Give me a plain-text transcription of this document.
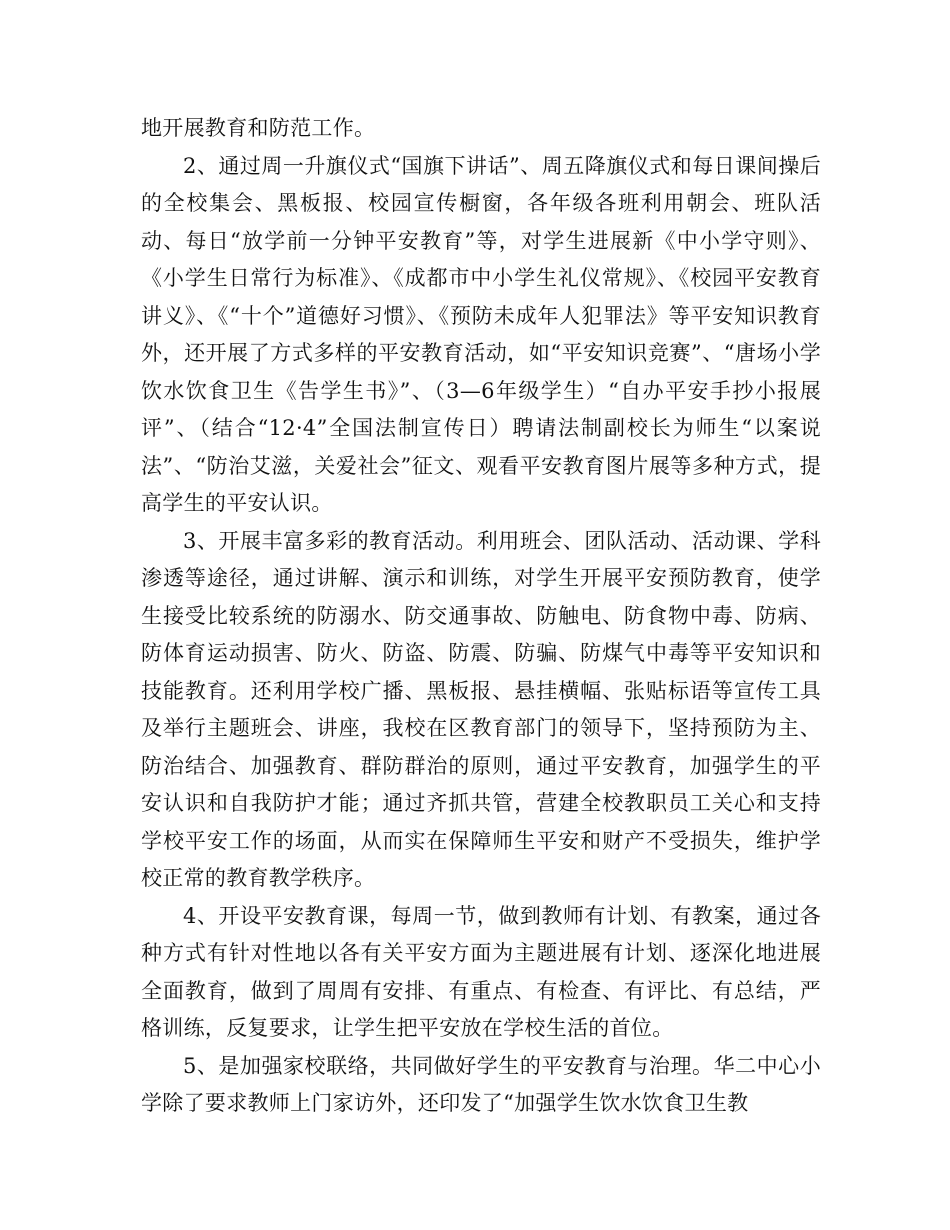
地开展教育和防范工作。

2、通过周一升旗仪式“国旗下讲话”、周五降旗仪式和每日课间操后的全校集会、黑板报、校园宣传橱窗，各年级各班利用朝会、班队活动、每日“放学前一分钟平安教育”等，对学生进展新《中小学守则》、《小学生日常行为标准》、《成都市中小学生礼仪常规》、《校园平安教育讲义》、《“十个”道德好习惯》、《预防未成年人犯罪法》等平安知识教育外，还开展了方式多样的平安教育活动，如“平安知识竞赛”、“唐场小学饮水饮食卫生《告学生书》”、（3—6年级学生）“自办平安手抄小报展评”、（结合“12·4”全国法制宣传日）聘请法制副校长为师生“以案说法”、“防治艾滋，关爱社会”征文、观看平安教育图片展等多种方式，提高学生的平安认识。

3、开展丰富多彩的教育活动。利用班会、团队活动、活动课、学科渗透等途径，通过讲解、演示和训练，对学生开展平安预防教育，使学生接受比较系统的防溺水、防交通事故、防触电、防食物中毒、防病、防体育运动损害、防火、防盗、防震、防骗、防煤气中毒等平安知识和技能教育。还利用学校广播、黑板报、悬挂横幅、张贴标语等宣传工具及举行主题班会、讲座，我校在区教育部门的领导下，坚持预防为主、防治结合、加强教育、群防群治的原则，通过平安教育，加强学生的平安认识和自我防护才能；通过齐抓共管，营建全校教职员工关心和支持学校平安工作的场面，从而实在保障师生平安和财产不受损失，维护学校正常的教育教学秩序。

4、开设平安教育课，每周一节，做到教师有计划、有教案，通过各种方式有针对性地以各有关平安方面为主题进展有计划、逐深化地进展全面教育，做到了周周有安排、有重点、有检查、有评比、有总结，严格训练，反复要求，让学生把平安放在学校生活的首位。

5、是加强家校联络，共同做好学生的平安教育与治理。华二中心小学除了要求教师上门家访外，还印发了“加强学生饮水饮食卫生教
